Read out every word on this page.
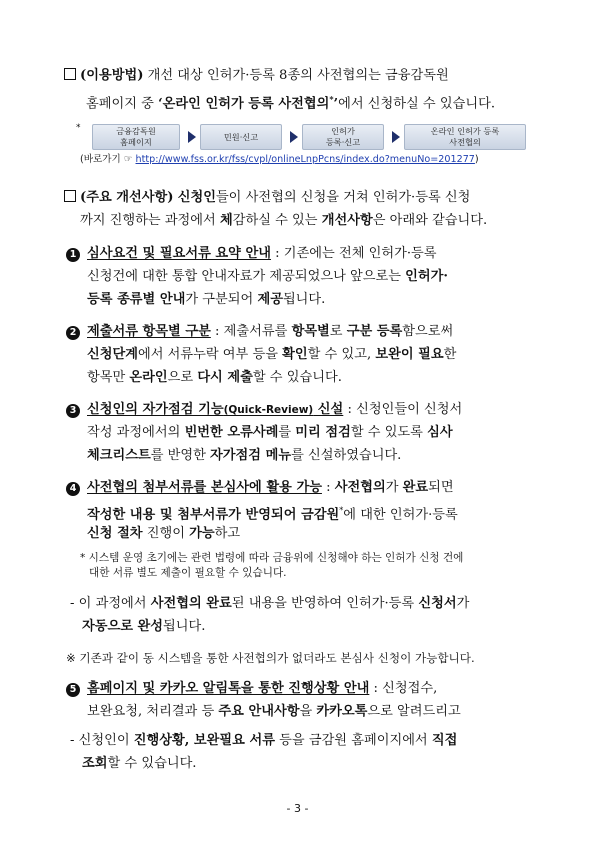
(이용방법) 개선 대상 인허가·등록 8종의 사전협의는 금융감독원
홈페이지 중 ‘온라인 인허가 등록 사전협의*’에서 신청하실 수 있습니다.
*	금융감독원
홈페이지
민원·신고
인허가
등록·신고
온라인 인허가 등록
사전협의
(바로가기 ☞ http://www.fss.or.kr/fss/cvpl/onlineLnpPcns/index.do?menuNo=201277)
(주요 개선사항) 신청인들이 사전협의 신청을 거쳐 인허가·등록 신청
까지 진행하는 과정에서 체감하실 수 있는 개선사항은 아래와 같습니다.
1 심사요건 및 필요서류 요약 안내 : 기존에는 전체 인허가·등록
신청건에 대한 통합 안내자료가 제공되었으나 앞으로는 인허가·
등록 종류별 안내가 구분되어 제공됩니다.
2 제출서류 항목별 구분 : 제출서류를 항목별로 구분 등록함으로써
신청단계에서 서류누락 여부 등을 확인할 수 있고, 보완이 필요한
항목만 온라인으로 다시 제출할 수 있습니다.
3 신청인의 자가점검 기능(Quick-Review) 신설 : 신청인들이 신청서
작성 과정에서의 빈번한 오류사례를 미리 점검할 수 있도록 심사
체크리스트를 반영한 자가점검 메뉴를 신설하였습니다.
4 사전협의 첨부서류를 본심사에 활용 가능 : 사전협의가 완료되면
작성한 내용 및 첨부서류가 반영되어 금감원*에 대한 인허가·등록
신청 절차 진행이 가능하고
* 시스템 운영 초기에는 관련 법령에 따라 금융위에 신청해야 하는 인허가 신청 건에
대한 서류 별도 제출이 필요할 수 있습니다.
- 이 과정에서 사전협의 완료된 내용을 반영하여 인허가·등록 신청서가
자동으로 완성됩니다.
※ 기존과 같이 동 시스템을 통한 사전협의가 없더라도 본심사 신청이 가능합니다.
5 홈페이지 및 카카오 알림톡을 통한 진행상황 안내 : 신청접수,
보완요청, 처리결과 등 주요 안내사항을 카카오톡으로 알려드리고
- 신청인이 진행상황, 보완필요 서류 등을 금감원 홈페이지에서 직접
조회할 수 있습니다.
- 3 -
